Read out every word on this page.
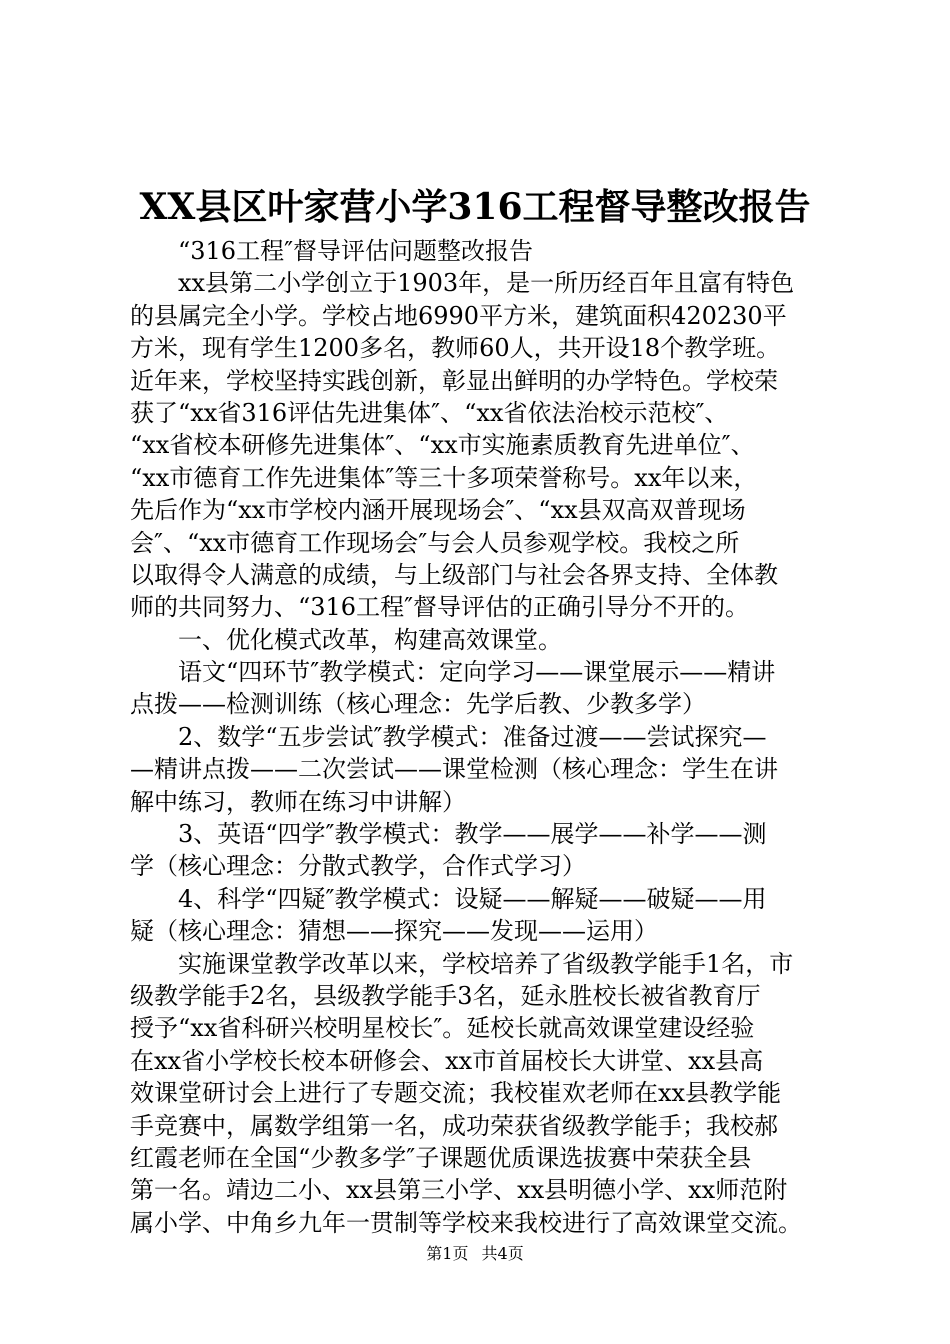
XX县区叶家营小学316工程督导整改报告
“316工程″督导评估问题整改报告
xx县第二小学创立于1903年，是一所历经百年且富有特色
的县属完全小学。学校占地6990平方米，建筑面积420230平
方米，现有学生1200多名，教师60人，共开设18个教学班。
近年来，学校坚持实践创新，彰显出鲜明的办学特色。学校荣
获了“xx省316评估先进集体″、“xx省依法治校示范校″、
“xx省校本研修先进集体″、“xx市实施素质教育先进单位″、
“xx市德育工作先进集体″等三十多项荣誉称号。xx年以来，
先后作为“xx市学校内涵开展现场会″、“xx县双高双普现场
会″、“xx市德育工作现场会″与会人员参观学校。我校之所
以取得令人满意的成绩，与上级部门与社会各界支持、全体教
师的共同努力、“316工程″督导评估的正确引导分不开的。
一、优化模式改革，构建高效课堂。
语文“四环节″教学模式：定向学习——课堂展示——精讲
点拨——检测训练（核心理念：先学后教、少教多学）
2、数学“五步尝试″教学模式：准备过渡——尝试探究—
—精讲点拨——二次尝试——课堂检测（核心理念：学生在讲
解中练习，教师在练习中讲解）
3、英语“四学″教学模式：教学——展学——补学——测
学（核心理念：分散式教学，合作式学习）
4、科学“四疑″教学模式：设疑——解疑——破疑——用
疑（核心理念：猜想——探究——发现——运用）
实施课堂教学改革以来，学校培养了省级教学能手1名，市
级教学能手2名，县级教学能手3名，延永胜校长被省教育厅
授予“xx省科研兴校明星校长″。延校长就高效课堂建设经验
在xx省小学校长校本研修会、xx市首届校长大讲堂、xx县高
效课堂研讨会上进行了专题交流；我校崔欢老师在xx县教学能
手竞赛中，属数学组第一名，成功荣获省级教学能手；我校郝
红霞老师在全国“少教多学″子课题优质课选拔赛中荣获全县
第一名。靖边二小、xx县第三小学、xx县明德小学、xx师范附
属小学、中角乡九年一贯制等学校来我校进行了高效课堂交流。
第1页 共4页
